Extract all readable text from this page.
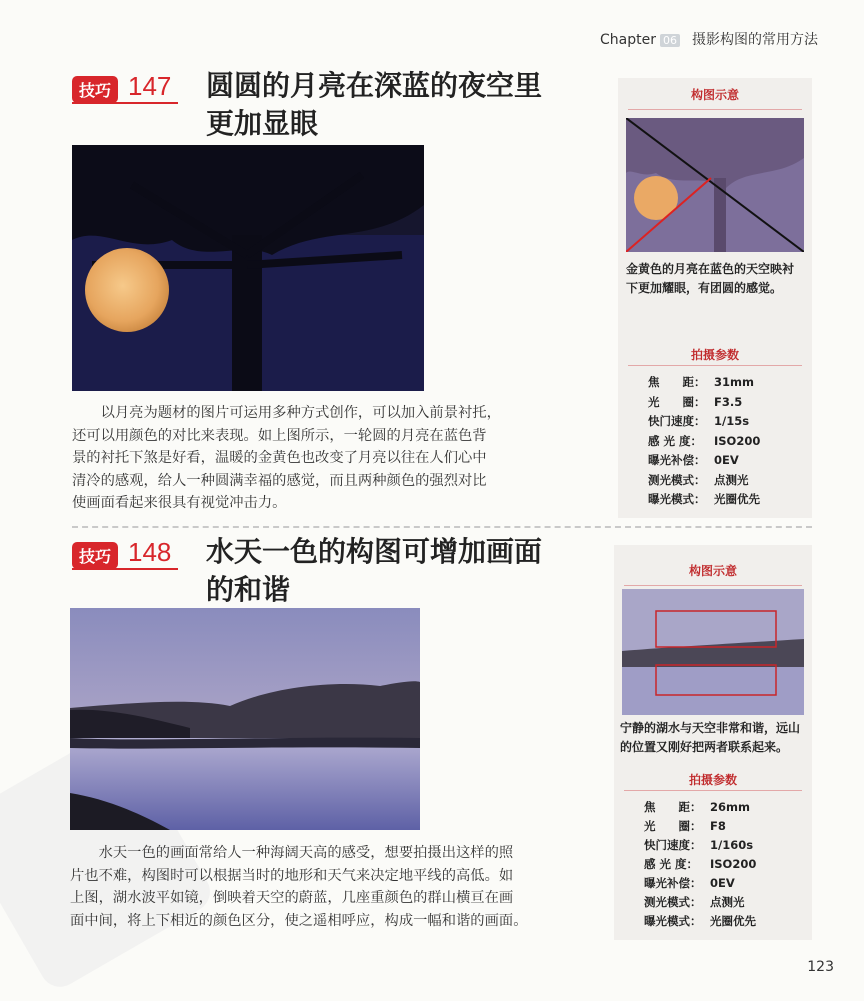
Chapter 06 摄影构图的常用方法
技巧 147 圆圆的月亮在深蓝的夜空里
更加显眼
以月亮为题材的图片可运用多种方式创作，可以加入前景衬托，
还可以用颜色的对比来表现。如上图所示，一轮圆的月亮在蓝色背
景的衬托下煞是好看，温暖的金黄色也改变了月亮以往在人们心中
清冷的感观，给人一种圆满幸福的感觉，而且两种颜色的强烈对比
使画面看起来很具有视觉冲击力。
构图示意
金黄色的月亮在蓝色的天空映衬
下更加耀眼，有团圆的感觉。
拍摄参数
焦　　距： 31mm
光　　圈： F3.5
快门速度： 1/15s
感 光 度： ISO200
曝光补偿： 0EV
测光模式： 点测光
曝光模式： 光圈优先
技巧 148 水天一色的构图可增加画面
的和谐
水天一色的画面常给人一种海阔天高的感受，想要拍摄出这样的照
片也不难，构图时可以根据当时的地形和天气来决定地平线的高低。如
上图，湖水波平如镜，倒映着天空的蔚蓝，几座重颜色的群山横亘在画
面中间，将上下相近的颜色区分，使之遥相呼应，构成一幅和谐的画面。
构图示意
宁静的湖水与天空非常和谐，远山
的位置又刚好把两者联系起来。
拍摄参数
焦　　距： 26mm
光　　圈： F8
快门速度： 1/160s
感 光 度： ISO200
曝光补偿： 0EV
测光模式： 点测光
曝光模式： 光圈优先
123
